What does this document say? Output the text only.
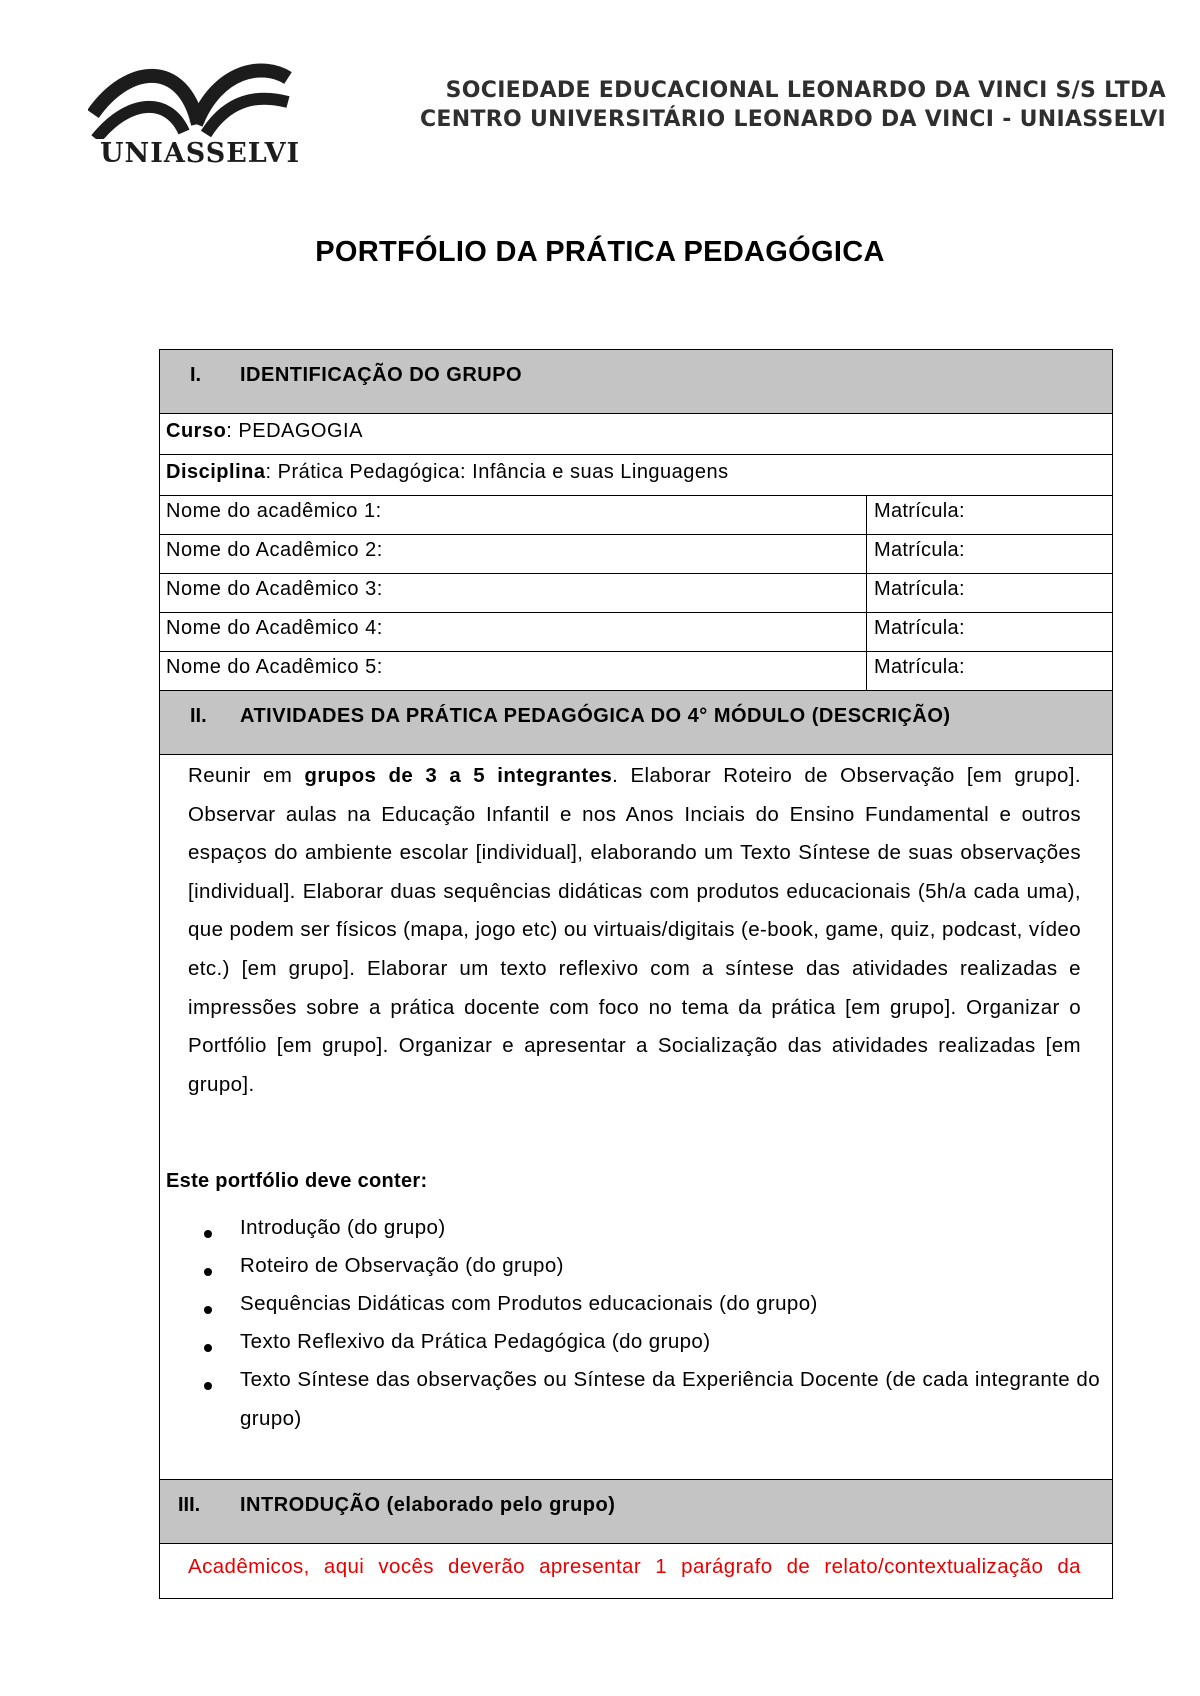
UNIASSELVI
SOCIEDADE EDUCACIONAL LEONARDO DA VINCI S/S LTDA
CENTRO UNIVERSITÁRIO LEONARDO DA VINCI - UNIASSELVI
PORTFÓLIO DA PRÁTICA PEDAGÓGICA
I. IDENTIFICAÇÃO DO GRUPO
Curso: PEDAGOGIA
Disciplina: Prática Pedagógica: Infância e suas Linguagens
Nome do acadêmico 1:	Matrícula:
Nome do Acadêmico 2:	Matrícula:
Nome do Acadêmico 3:	Matrícula:
Nome do Acadêmico 4:	Matrícula:
Nome do Acadêmico 5:	Matrícula:
II. ATIVIDADES DA PRÁTICA PEDAGÓGICA DO 4° MÓDULO (DESCRIÇÃO)
Reunir em grupos de 3 a 5 integrantes. Elaborar Roteiro de Observação [em grupo]. Observar aulas na Educação Infantil e nos Anos Inciais do Ensino Fundamental e outros espaços do ambiente escolar [individual], elaborando um Texto Síntese de suas observações [individual]. Elaborar duas sequências didáticas com produtos educacionais (5h/a cada uma), que podem ser físicos (mapa, jogo etc) ou virtuais/digitais (e-book, game, quiz, podcast, vídeo etc.) [em grupo]. Elaborar um texto reflexivo com a síntese das atividades realizadas e impressões sobre a prática docente com foco no tema da prática [em grupo]. Organizar o Portfólio [em grupo]. Organizar e apresentar a Socialização das atividades realizadas [em grupo].
Este portfólio deve conter:
Introdução (do grupo)
Roteiro de Observação (do grupo)
Sequências Didáticas com Produtos educacionais (do grupo)
Texto Reflexivo da Prática Pedagógica (do grupo)
Texto Síntese das observações ou Síntese da Experiência Docente (de cada integrante do grupo)
III. INTRODUÇÃO (elaborado pelo grupo)
Acadêmicos, aqui vocês deverão apresentar 1 parágrafo de relato/contextualização da
